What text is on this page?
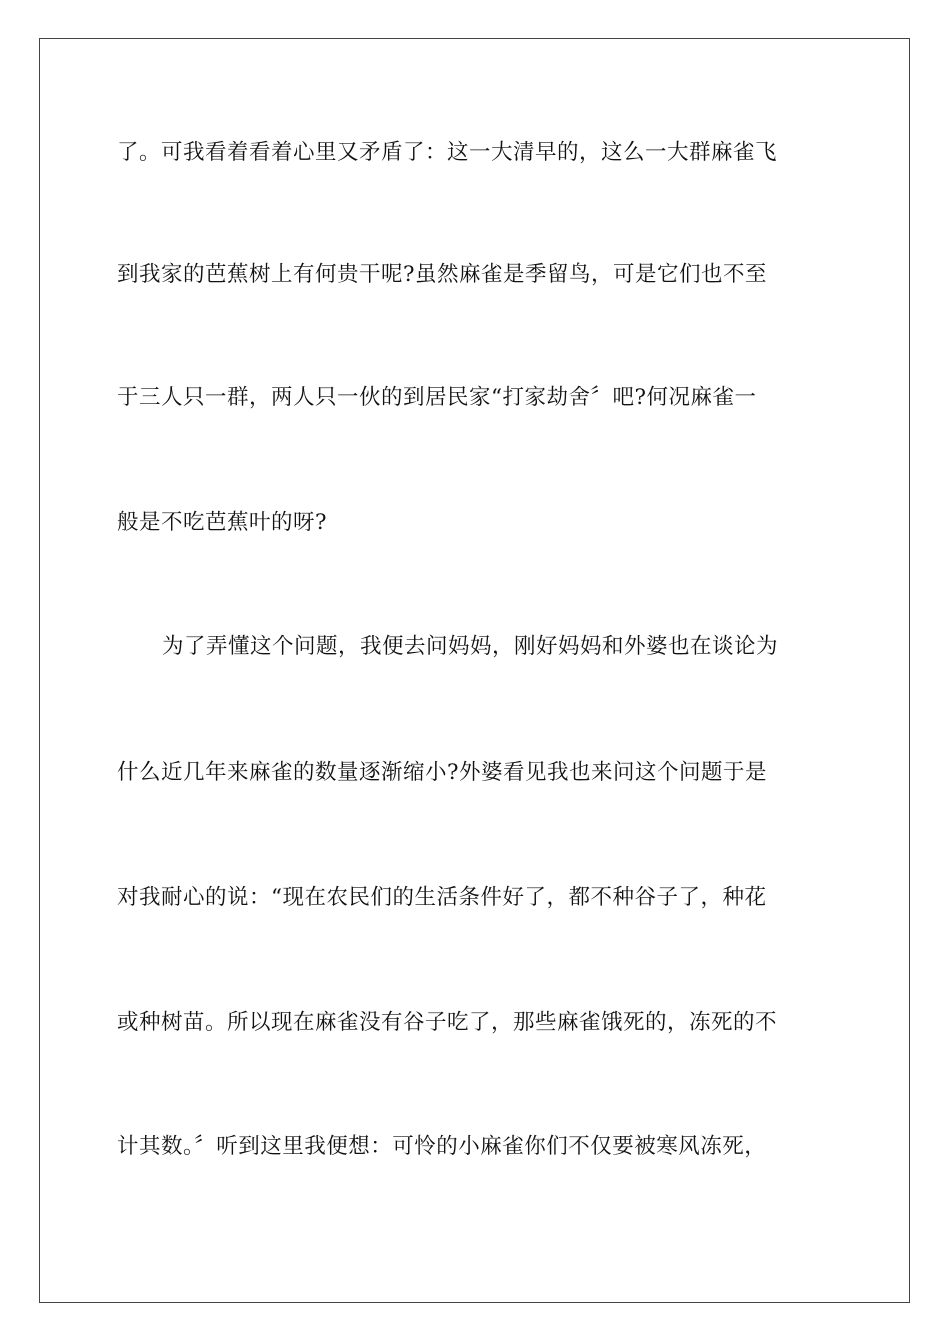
了。可我看着看着心里又矛盾了：这一大清早的，这么一大群麻雀飞
到我家的芭蕉树上有何贵干呢?虽然麻雀是季留鸟，可是它们也不至
于三人只一群，两人只一伙的到居民家“打家劫舍〞吧?何况麻雀一
般是不吃芭蕉叶的呀?
为了弄懂这个问题，我便去问妈妈，刚好妈妈和外婆也在谈论为
什么近几年来麻雀的数量逐渐缩小?外婆看见我也来问这个问题于是
对我耐心的说：“现在农民们的生活条件好了，都不种谷子了，种花
或种树苗。所以现在麻雀没有谷子吃了，那些麻雀饿死的，冻死的不
计其数。〞听到这里我便想：可怜的小麻雀你们不仅要被寒风冻死，
